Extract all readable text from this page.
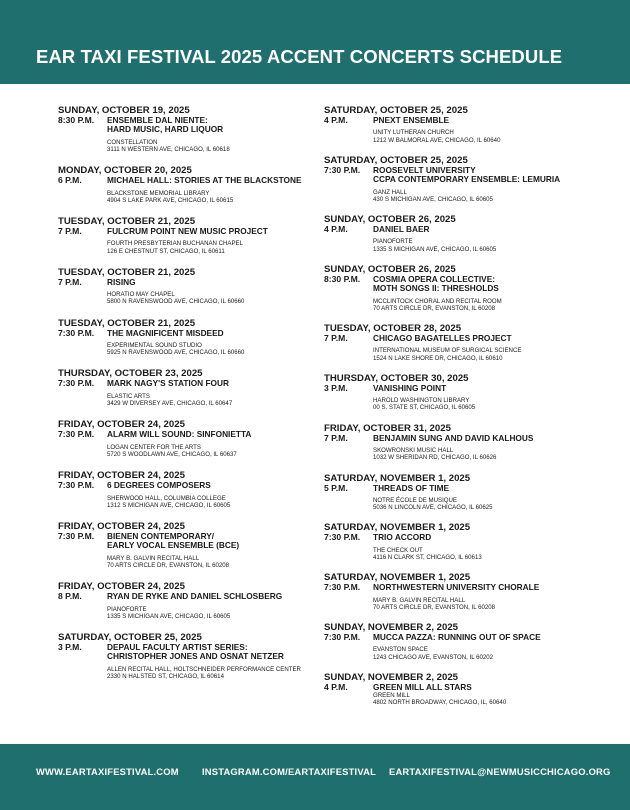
EAR TAXI FESTIVAL 2025 ACCENT CONCERTS SCHEDULE
SUNDAY, OCTOBER 19, 2025
8:30 P.M.	ENSEMBLE DAL NIENTE:
HARD MUSIC, HARD LIQUOR
CONSTELLATION
3111 N WESTERN AVE, CHICAGO, IL 60618
MONDAY, OCTOBER 20, 2025
6 P.M.	MICHAEL HALL: STORIES AT THE BLACKSTONE
BLACKSTONE MEMORIAL LIBRARY
4904 S LAKE PARK AVE, CHICAGO, IL 60615
TUESDAY, OCTOBER 21, 2025
7 P.M.	FULCRUM POINT NEW MUSIC PROJECT
FOURTH PRESBYTERIAN BUCHANAN CHAPEL
126 E CHESTNUT ST, CHICAGO, IL 60611
TUESDAY, OCTOBER 21, 2025
7 P.M.	RISING
HORATIO MAY CHAPEL
5800 N RAVENSWOOD AVE, CHICAGO, IL 60660
TUESDAY, OCTOBER 21, 2025
7:30 P.M.	THE MAGNIFICENT MISDEED
EXPERIMENTAL SOUND STUDIO
5925 N RAVENSWOOD AVE, CHICAGO, IL 60660
THURSDAY, OCTOBER 23, 2025
7:30 P.M.	MARK NAGY'S STATION FOUR
ELASTIC ARTS
3429 W DIVERSEY AVE, CHICAGO, IL 60647
FRIDAY, OCTOBER 24, 2025
7:30 P.M.	ALARM WILL SOUND: SINFONIETTA
LOGAN CENTER FOR THE ARTS
5720 S WOODLAWN AVE, CHICAGO, IL 60637
FRIDAY, OCTOBER 24, 2025
7:30 P.M.	6 DEGREES COMPOSERS
SHERWOOD HALL, COLUMBIA COLLEGE
1312 S MICHIGAN AVE, CHICAGO, IL 60605
FRIDAY, OCTOBER 24, 2025
7:30 P.M.	BIENEN CONTEMPORARY/
EARLY VOCAL ENSEMBLE (BCE)
MARY B. GALVIN RECITAL HALL
70 ARTS CIRCLE DR, EVANSTON, IL 60208
FRIDAY, OCTOBER 24, 2025
8 P.M.	RYAN DE RYKE AND DANIEL SCHLOSBERG
PIANOFORTE
1335 S MICHIGAN AVE, CHICAGO, IL 60605
SATURDAY, OCTOBER 25, 2025
3 P.M.	DEPAUL FACULTY ARTIST SERIES:
CHRISTOPHER JONES AND OSNAT NETZER
ALLEN RECITAL HALL, HOLTSCHNEIDER PERFORMANCE CENTER
2330 N HALSTED ST, CHICAGO, IL 60614
SATURDAY, OCTOBER 25, 2025
4 P.M.	PNEXT ENSEMBLE
UNITY LUTHERAN CHURCH
1212 W BALMORAL AVE, CHICAGO, IL 60640
SATURDAY, OCTOBER 25, 2025
7:30 P.M.	ROOSEVELT UNIVERSITY
CCPA CONTEMPORARY ENSEMBLE: LEMURIA
GANZ HALL
430 S MICHIGAN AVE, CHICAGO, IL 60605
SUNDAY, OCTOBER 26, 2025
4 P.M.	DANIEL BAER
PIANOFORTE
1335 S MICHIGAN AVE, CHICAGO, IL 60605
SUNDAY, OCTOBER 26, 2025
8:30 P.M.	COSMIA OPERA COLLECTIVE:
MOTH SONGS II: THRESHOLDS
MCCLINTOCK CHORAL AND RECITAL ROOM
70 ARTS CIRCLE DR, EVANSTON, IL 60208
TUESDAY, OCTOBER 28, 2025
7 P.M.	CHICAGO BAGATELLES PROJECT
INTERNATIONAL MUSEUM OF SURGICAL SCIENCE
1524 N LAKE SHORE DR, CHICAGO, IL 60610
THURSDAY, OCTOBER 30, 2025
3 P.M.	VANISHING POINT
HAROLD WASHINGTON LIBRARY
00 S. STATE ST, CHICAGO, IL 60605
FRIDAY, OCTOBER 31, 2025
7 P.M.	BENJAMIN SUNG AND DAVID KALHOUS
SKOWRONSKI MUSIC HALL
1032 W SHERIDAN RD, CHICAGO, IL 60626
SATURDAY, NOVEMBER 1, 2025
5 P.M.	THREADS OF TIME
NOTRE ÉCOLE DE MUSIQUE
5036 N LINCOLN AVE, CHICAGO, IL 60625
SATURDAY, NOVEMBER 1, 2025
7:30 P.M.	TRIO ACCORD
THE CHECK OUT
4116 N CLARK ST, CHICAGO, IL 60613
SATURDAY, NOVEMBER 1, 2025
7:30 P.M.	NORTHWESTERN UNIVERSITY CHORALE
MARY B. GALVIN RECITAL HALL
70 ARTS CIRCLE DR, EVANSTON, IL 60208
SUNDAY, NOVEMBER 2, 2025
7:30 P.M.	MUCCA PAZZA: RUNNING OUT OF SPACE
EVANSTON SPACE
1243 CHICAGO AVE, EVANSTON, IL 60202
SUNDAY, NOVEMBER 2, 2025
4 P.M.	GREEN MILL ALL STARS
GREEN MILL
4802 NORTH BROADWAY, CHICAGO, IL, 60640
WWW.EARTAXIFESTIVAL.COM INSTAGRAM.COM/EARTAXIFESTIVAL EARTAXIFESTIVAL@NEWMUSICCHICAGO.ORG
